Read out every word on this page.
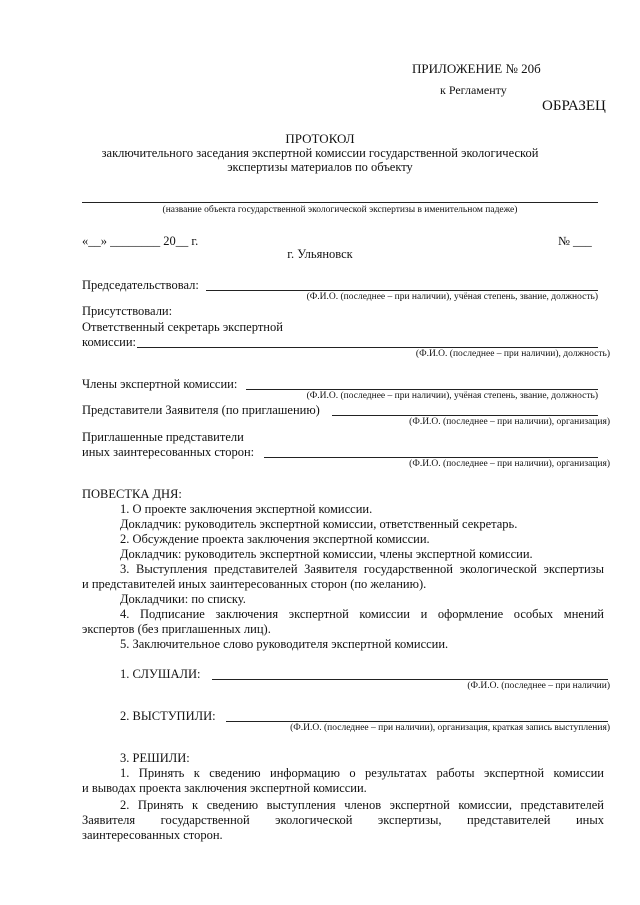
ПРИЛОЖЕНИЕ № 20б
к Регламенту
ОБРАЗЕЦ
ПРОТОКОЛ
заключительного заседания экспертной комиссии государственной экологической
экспертизы материалов по объекту
(название объекта государственной экологической экспертизы в именительном падеже)
«__» ________ 20__ г.	№ ___
г. Ульяновск
Председательствовал:
(Ф.И.О. (последнее – при наличии), учёная степень, звание, должность)
Присутствовали:
Ответственный секретарь экспертной
комиссии:
(Ф.И.О. (последнее – при наличии), должность)
Члены экспертной комиссии:
(Ф.И.О. (последнее – при наличии), учёная степень, звание, должность)
Представители Заявителя (по приглашению)
(Ф.И.О. (последнее – при наличии), организация)
Приглашенные представители
иных заинтересованных сторон:
(Ф.И.О. (последнее – при наличии), организация)
ПОВЕСТКА ДНЯ:
1. О проекте заключения экспертной комиссии.
Докладчик: руководитель экспертной комиссии, ответственный секретарь.
2. Обсуждение проекта заключения экспертной комиссии.
Докладчик: руководитель экспертной комиссии, члены экспертной комиссии.
3. Выступления представителей Заявителя государственной экологической экспертизы
и представителей иных заинтересованных сторон (по желанию).
Докладчики: по списку.
4. Подписание заключения экспертной комиссии и оформление особых мнений
экспертов (без приглашенных лиц).
5. Заключительное слово руководителя экспертной комиссии.
1. СЛУШАЛИ:
(Ф.И.О. (последнее – при наличии)
2. ВЫСТУПИЛИ:
(Ф.И.О. (последнее – при наличии), организация, краткая запись выступления)
3. РЕШИЛИ:
1. Принять к сведению информацию о результатах работы экспертной комиссии
и выводах проекта заключения экспертной комиссии.
2. Принять к сведению выступления членов экспертной комиссии, представителей
Заявителя государственной экологической экспертизы, представителей иных
заинтересованных сторон.
